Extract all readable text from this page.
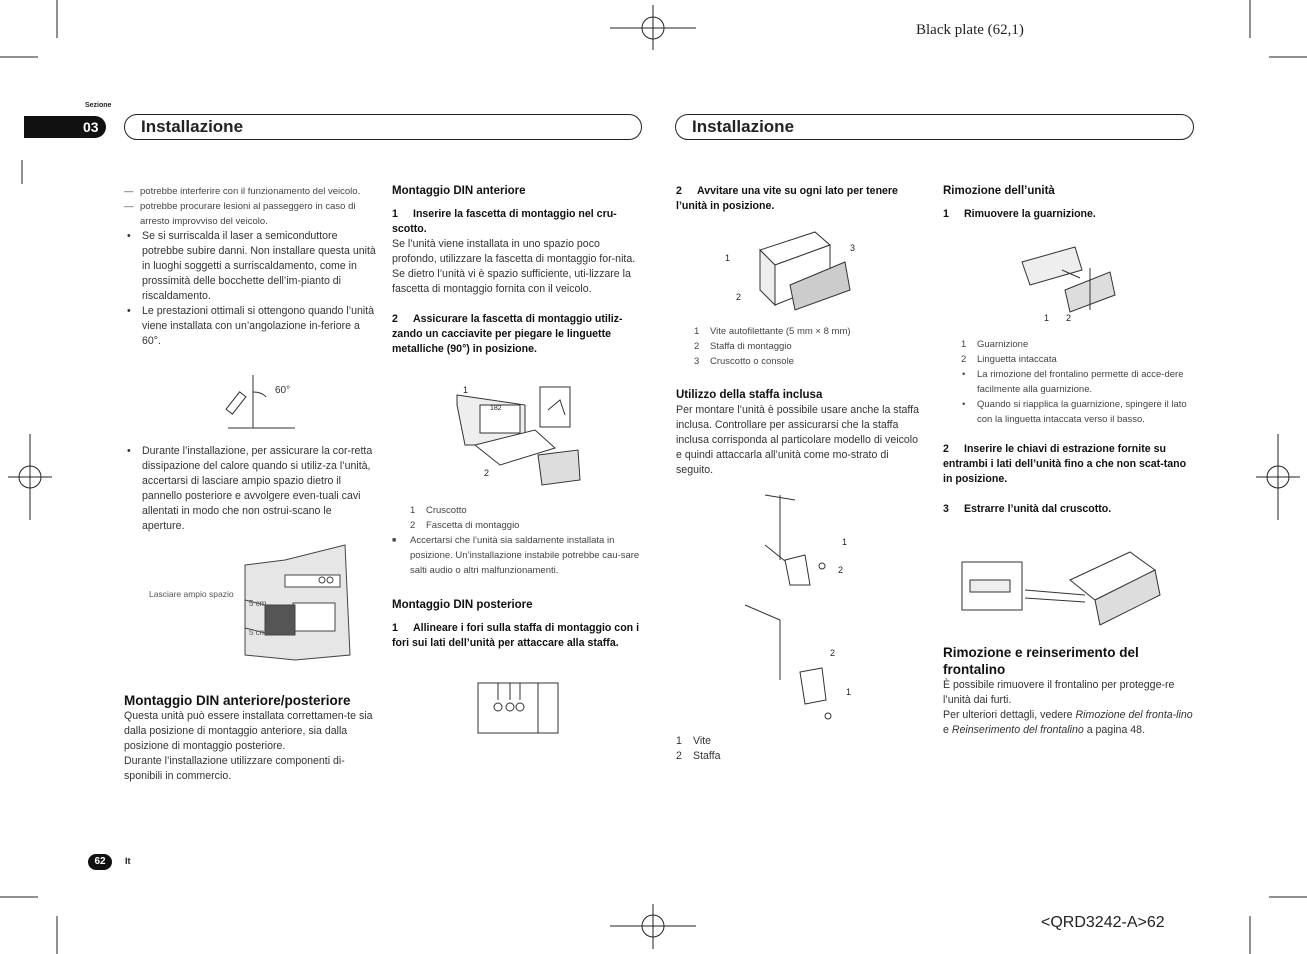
Black plate (62,1)
Sezione
03	Installazione	Installazione
— potrebbe interferire con il funzionamento del veicolo.
— potrebbe procurare lesioni al passeggero in caso di arresto improvviso del veicolo.
• Se si surriscalda il laser a semiconduttore potrebbe subire danni. Non installare questa unità in luoghi soggetti a surriscaldamento, come in prossimità delle bocchette dell’im-pianto di riscaldamento.
• Le prestazioni ottimali si ottengono quando l’unità viene installata con un’angolazione in-feriore a 60°.
60°
• Durante l’installazione, per assicurare la cor-retta dissipazione del calore quando si utiliz-za l’unità, accertarsi di lasciare ampio spazio dietro il pannello posteriore e avvolgere even-tuali cavi allentati in modo che non ostrui-scano le aperture.
Lasciare ampio spazio
5 cm
5 cm
Montaggio DIN anteriore/posteriore
Questa unità può essere installata correttamen-te sia dalla posizione di montaggio anteriore, sia dalla posizione di montaggio posteriore.
Durante l’installazione utilizzare componenti di-sponibili in commercio.
Montaggio DIN anteriore
1 Inserire la fascetta di montaggio nel cru-scotto.
Se l’unità viene installata in uno spazio poco profondo, utilizzare la fascetta di montaggio for-nita. Se dietro l’unità vi è spazio sufficiente, uti-lizzare la fascetta di montaggio fornita con il veicolo.
2 Assicurare la fascetta di montaggio utiliz-zando un cacciavite per piegare le linguette metalliche (90°) in posizione.
182
1 Cruscotto
2 Fascetta di montaggio
■ Accertarsi che l’unità sia saldamente installata in posizione. Un’installazione instabile potrebbe cau-sare salti audio o altri malfunzionamenti.
Montaggio DIN posteriore
1 Allineare i fori sulla staffa di montaggio con i fori sui lati dell’unità per attaccare alla staffa.
2 Avvitare una vite su ogni lato per tenere l’unità in posizione.
1 Vite autofilettante (5 mm × 8 mm)
2 Staffa di montaggio
3 Cruscotto o console
Utilizzo della staffa inclusa
Per montare l’unità è possibile usare anche la staffa inclusa. Controllare per assicurarsi che la staffa inclusa corrisponda al particolare modello di veicolo e quindi attaccarla all’unità come mo-strato di seguito.
1 Vite
2 Staffa
Rimozione dell’unità
1 Rimuovere la guarnizione.
1 Guarnizione
2 Linguetta intaccata
• La rimozione del frontalino permette di acce-dere facilmente alla guarnizione.
• Quando si riapplica la guarnizione, spingere il lato con la linguetta intaccata verso il basso.
2 Inserire le chiavi di estrazione fornite su entrambi i lati dell’unità fino a che non scat-tano in posizione.
3 Estrarre l’unità dal cruscotto.
Rimozione e reinserimento del frontalino
È possibile rimuovere il frontalino per protegge-re l’unità dai furti.
Per ulteriori dettagli, vedere Rimozione del fronta-lino e Reinserimento del frontalino a pagina 48.
1
2
1
2
3
1
2
2
1
1 2
62	It
<QRD3242-A>62
